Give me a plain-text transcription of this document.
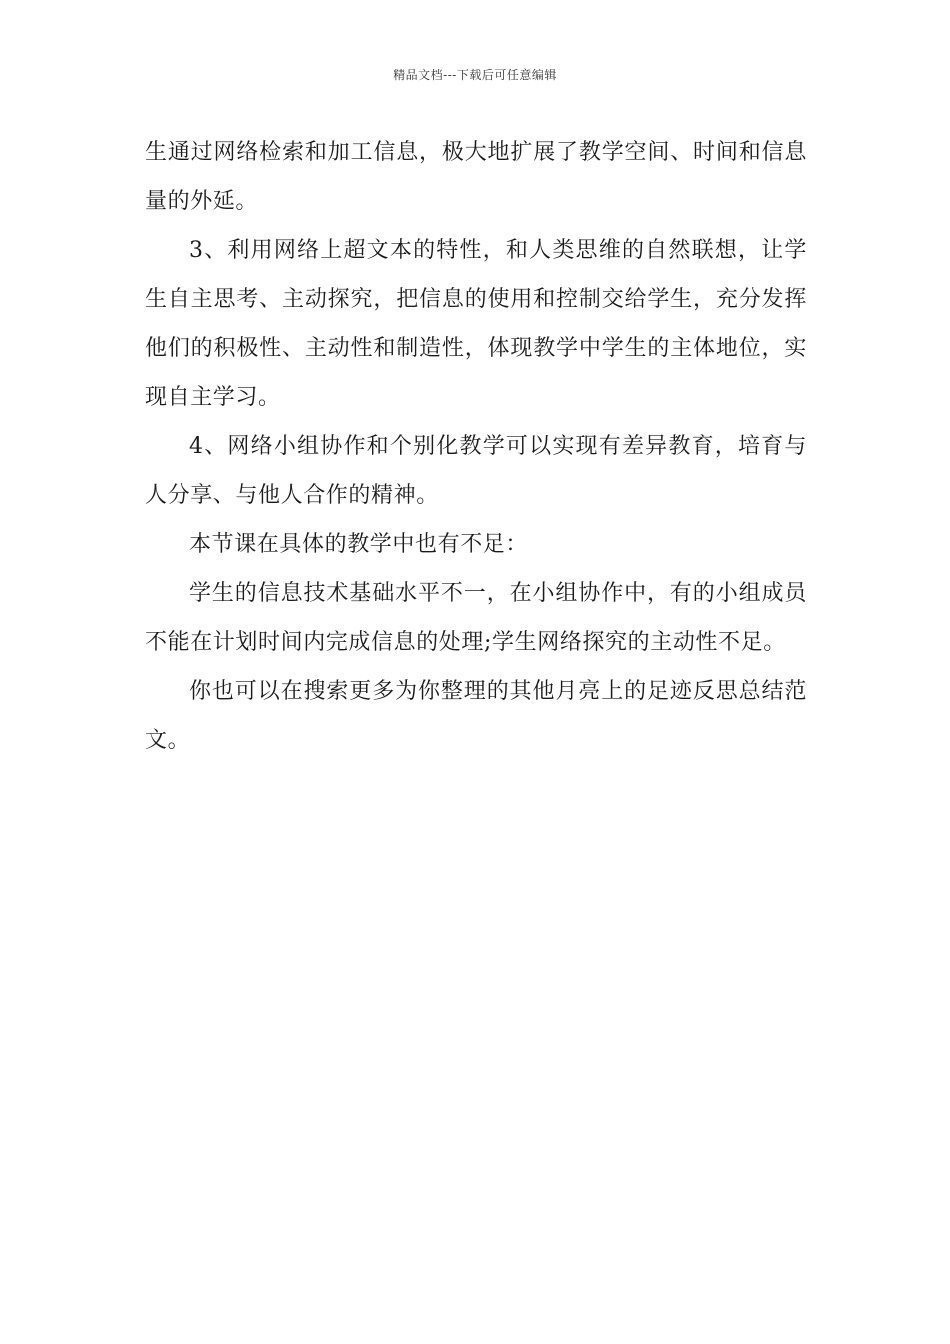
精品文档---下载后可任意编辑

生通过网络检索和加工信息，极大地扩展了教学空间、时间和信息量的外延。

3、利用网络上超文本的特性，和人类思维的自然联想，让学生自主思考、主动探究，把信息的使用和控制交给学生，充分发挥他们的积极性、主动性和制造性，体现教学中学生的主体地位，实现自主学习。

4、网络小组协作和个别化教学可以实现有差异教育，培育与人分享、与他人合作的精神。

本节课在具体的教学中也有不足：

学生的信息技术基础水平不一，在小组协作中，有的小组成员不能在计划时间内完成信息的处理;学生网络探究的主动性不足。

你也可以在搜索更多为你整理的其他月亮上的足迹反思总结范文。
